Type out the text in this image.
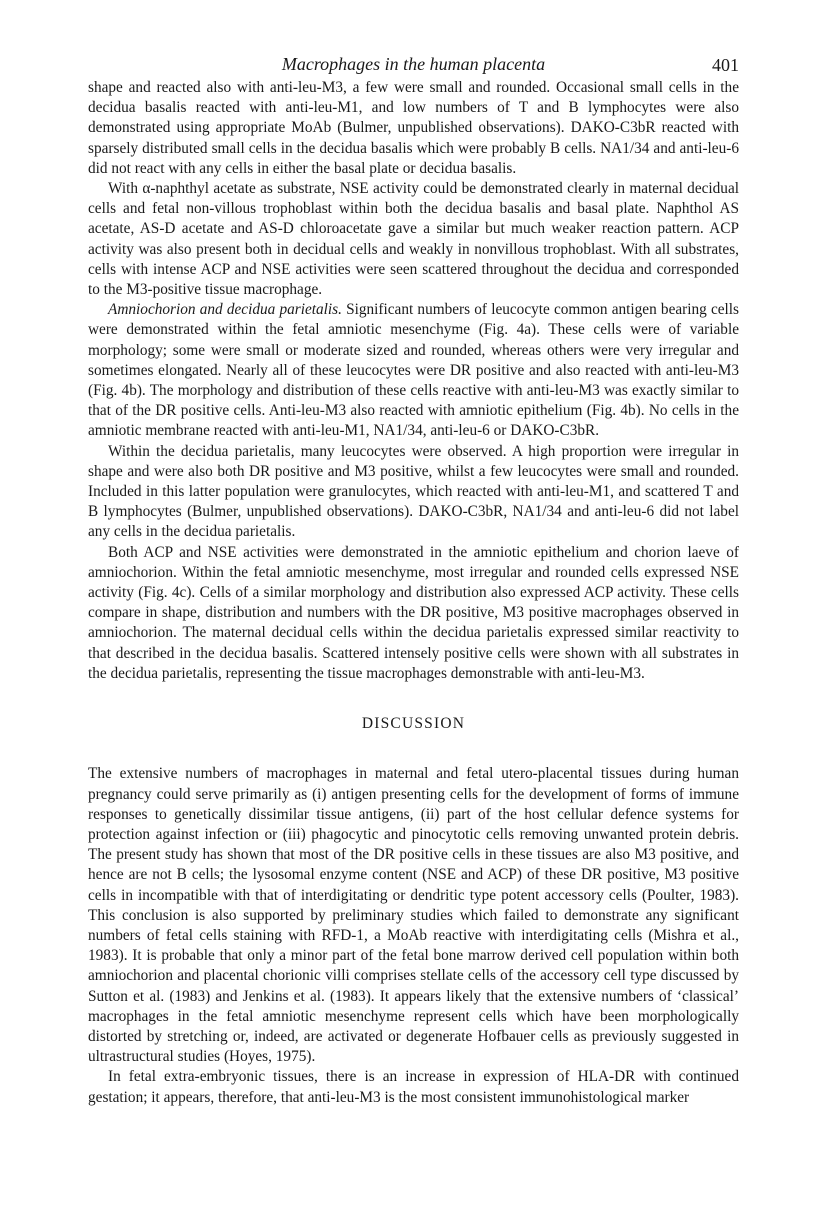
Macrophages in the human placenta	401

shape and reacted also with anti-leu-M3, a few were small and rounded. Occasional small cells in the decidua basalis reacted with anti-leu-M1, and low numbers of T and B lymphocytes were also demonstrated using appropriate MoAb (Bulmer, unpublished observations). DAKO-C3bR reacted with sparsely distributed small cells in the decidua basalis which were probably B cells. NA1/34 and anti-leu-6 did not react with any cells in either the basal plate or decidua basalis.

With α-naphthyl acetate as substrate, NSE activity could be demonstrated clearly in maternal decidual cells and fetal non-villous trophoblast within both the decidua basalis and basal plate. Naphthol AS acetate, AS-D acetate and AS-D chloroacetate gave a similar but much weaker reaction pattern. ACP activity was also present both in decidual cells and weakly in nonvillous trophoblast. With all substrates, cells with intense ACP and NSE activities were seen scattered throughout the decidua and corresponded to the M3-positive tissue macrophage.

Amniochorion and decidua parietalis. Significant numbers of leucocyte common antigen bearing cells were demonstrated within the fetal amniotic mesenchyme (Fig. 4a). These cells were of variable morphology; some were small or moderate sized and rounded, whereas others were very irregular and sometimes elongated. Nearly all of these leucocytes were DR positive and also reacted with anti-leu-M3 (Fig. 4b). The morphology and distribution of these cells reactive with anti-leu-M3 was exactly similar to that of the DR positive cells. Anti-leu-M3 also reacted with amniotic epithelium (Fig. 4b). No cells in the amniotic membrane reacted with anti-leu-M1, NA1/34, anti-leu-6 or DAKO-C3bR.

Within the decidua parietalis, many leucocytes were observed. A high proportion were irregular in shape and were also both DR positive and M3 positive, whilst a few leucocytes were small and rounded. Included in this latter population were granulocytes, which reacted with anti-leu-M1, and scattered T and B lymphocytes (Bulmer, unpublished observations). DAKO-C3bR, NA1/34 and anti-leu-6 did not label any cells in the decidua parietalis.

Both ACP and NSE activities were demonstrated in the amniotic epithelium and chorion laeve of amniochorion. Within the fetal amniotic mesenchyme, most irregular and rounded cells expressed NSE activity (Fig. 4c). Cells of a similar morphology and distribution also expressed ACP activity. These cells compare in shape, distribution and numbers with the DR positive, M3 positive macrophages observed in amniochorion. The maternal decidual cells within the decidua parietalis expressed similar reactivity to that described in the decidua basalis. Scattered intensely positive cells were shown with all substrates in the decidua parietalis, representing the tissue macrophages demonstrable with anti-leu-M3.

DISCUSSION

The extensive numbers of macrophages in maternal and fetal utero-placental tissues during human pregnancy could serve primarily as (i) antigen presenting cells for the development of forms of immune responses to genetically dissimilar tissue antigens, (ii) part of the host cellular defence systems for protection against infection or (iii) phagocytic and pinocytotic cells removing unwanted protein debris. The present study has shown that most of the DR positive cells in these tissues are also M3 positive, and hence are not B cells; the lysosomal enzyme content (NSE and ACP) of these DR positive, M3 positive cells in incompatible with that of interdigitating or dendritic type potent accessory cells (Poulter, 1983). This conclusion is also supported by preliminary studies which failed to demonstrate any significant numbers of fetal cells staining with RFD-1, a MoAb reactive with interdigitating cells (Mishra et al., 1983). It is probable that only a minor part of the fetal bone marrow derived cell population within both amniochorion and placental chorionic villi comprises stellate cells of the accessory cell type discussed by Sutton et al. (1983) and Jenkins et al. (1983). It appears likely that the extensive numbers of ‘classical’ macrophages in the fetal amniotic mesenchyme represent cells which have been morphologically distorted by stretching or, indeed, are activated or degenerate Hofbauer cells as previously suggested in ultrastructural studies (Hoyes, 1975).

In fetal extra-embryonic tissues, there is an increase in expression of HLA-DR with continued gestation; it appears, therefore, that anti-leu-M3 is the most consistent immunohistological marker
